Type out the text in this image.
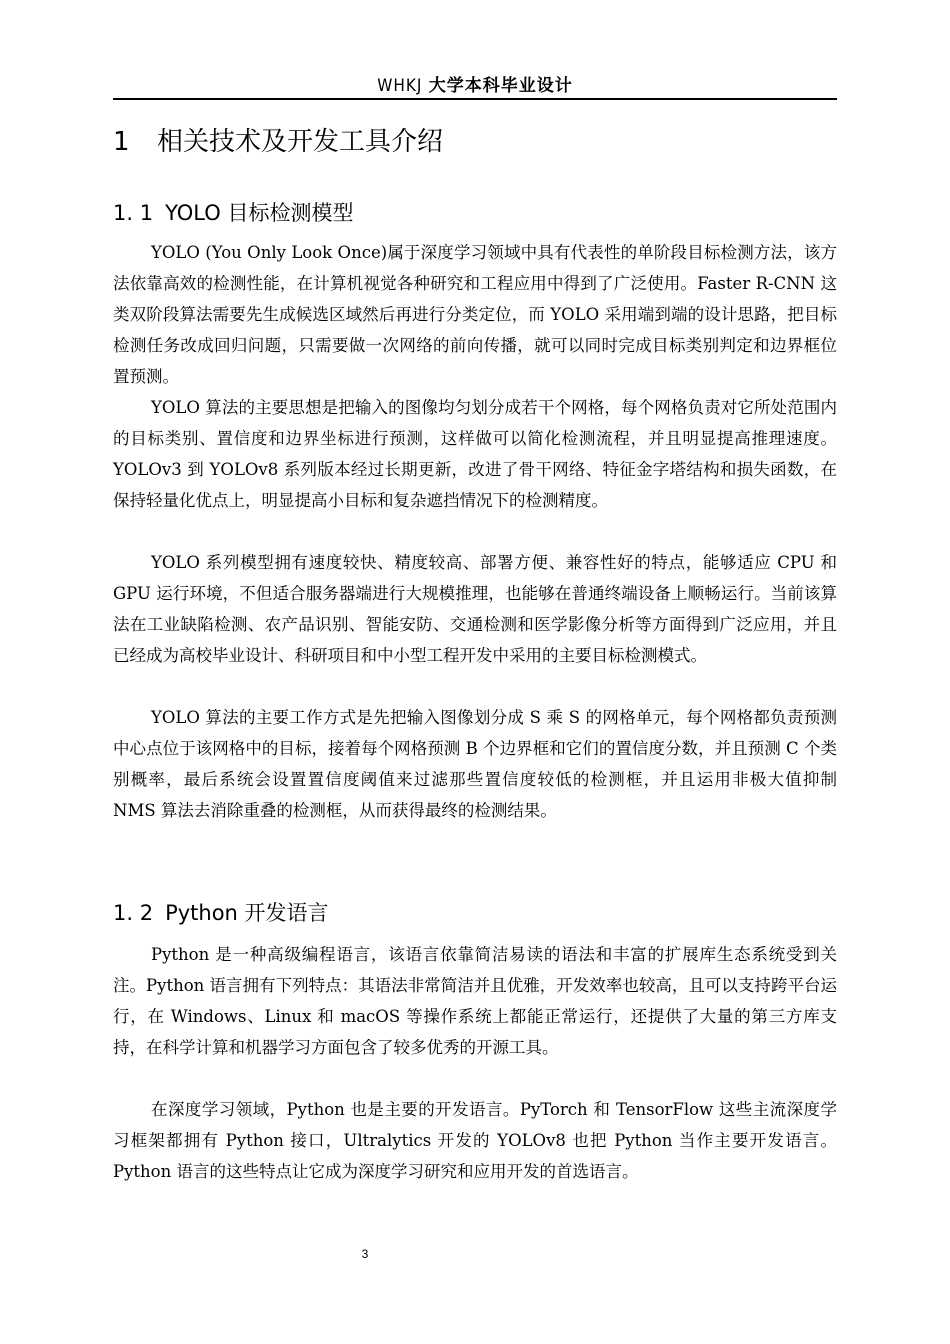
WHKJ 大学本科毕业设计
1 相关技术及开发工具介绍
1. 1 YOLO 目标检测模型

YOLO (You Only Look Once)属于深度学习领域中具有代表性的单阶段目标检测方法，该方法依靠高效的检测性能，在计算机视觉各种研究和工程应用中得到了广泛使用。Faster R-CNN 这类双阶段算法需要先生成候选区域然后再进行分类定位，而 YOLO 采用端到端的设计思路，把目标检测任务改成回归问题，只需要做一次网络的前向传播，就可以同时完成目标类别判定和边界框位置预测。

YOLO 算法的主要思想是把输入的图像均匀划分成若干个网格，每个网格负责对它所处范围内的目标类别、置信度和边界坐标进行预测，这样做可以简化检测流程，并且明显提高推理速度。YOLOv3 到 YOLOv8 系列版本经过长期更新，改进了骨干网络、特征金字塔结构和损失函数，在保持轻量化优点上，明显提高小目标和复杂遮挡情况下的检测精度。

YOLO 系列模型拥有速度较快、精度较高、部署方便、兼容性好的特点，能够适应 CPU 和 GPU 运行环境，不但适合服务器端进行大规模推理，也能够在普通终端设备上顺畅运行。当前该算法在工业缺陷检测、农产品识别、智能安防、交通检测和医学影像分析等方面得到广泛应用，并且已经成为高校毕业设计、科研项目和中小型工程开发中采用的主要目标检测模式。

YOLO 算法的主要工作方式是先把输入图像划分成 S 乘 S 的网格单元，每个网格都负责预测中心点位于该网格中的目标，接着每个网格预测 B 个边界框和它们的置信度分数，并且预测 C 个类别概率，最后系统会设置置信度阈值来过滤那些置信度较低的检测框，并且运用非极大值抑制 NMS 算法去消除重叠的检测框，从而获得最终的检测结果。

1. 2 Python 开发语言

Python 是一种高级编程语言，该语言依靠简洁易读的语法和丰富的扩展库生态系统受到关注。Python 语言拥有下列特点：其语法非常简洁并且优雅，开发效率也较高，且可以支持跨平台运行，在 Windows、Linux 和 macOS 等操作系统上都能正常运行，还提供了大量的第三方库支持，在科学计算和机器学习方面包含了较多优秀的开源工具。

在深度学习领域，Python 也是主要的开发语言。PyTorch 和 TensorFlow 这些主流深度学习框架都拥有 Python 接口，Ultralytics 开发的 YOLOv8 也把 Python 当作主要开发语言。Python 语言的这些特点让它成为深度学习研究和应用开发的首选语言。

3
